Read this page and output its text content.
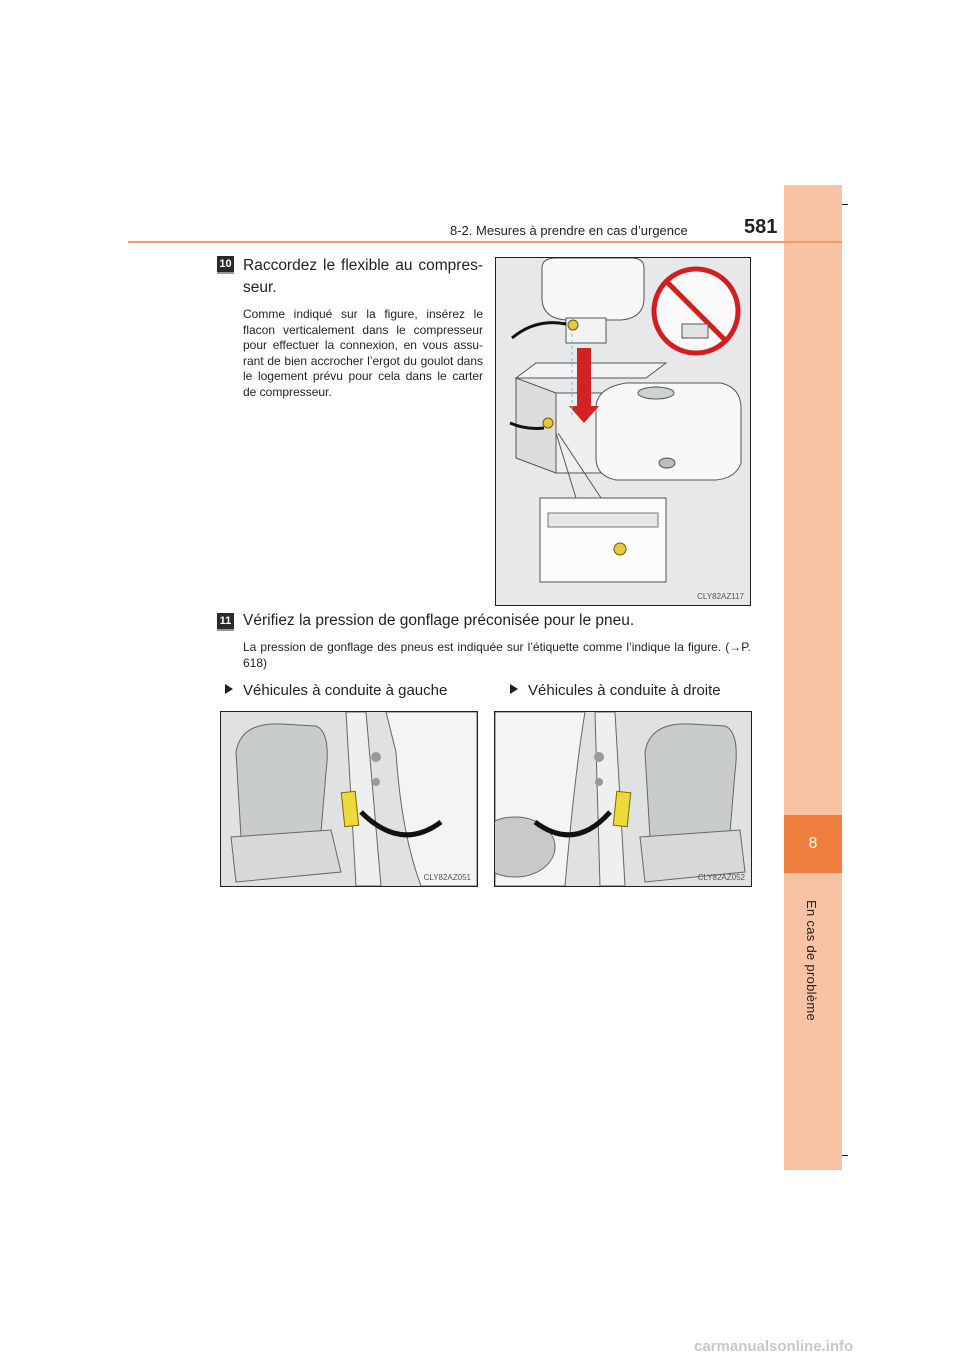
8
En cas de problème
8-2. Mesures à prendre en cas d’urgence	581
10 Raccordez le flexible au compres-seur.
Comme indiqué sur la figure, insérez le flacon verticalement dans le compresseur pour effectuer la connexion, en vous assu-rant de bien accrocher l’ergot du goulot dans le logement prévu pour cela dans le carter de compresseur.
CLY82AZ117
11 Vérifiez la pression de gonflage préconisée pour le pneu.
La pression de gonflage des pneus est indiquée sur l’étiquette comme l’indique la figure. (→P. 618)
Véhicules à conduite à gauche	Véhicules à conduite à droite
CLY82AZ051	CLY82AZ052
carmanualsonline.info
